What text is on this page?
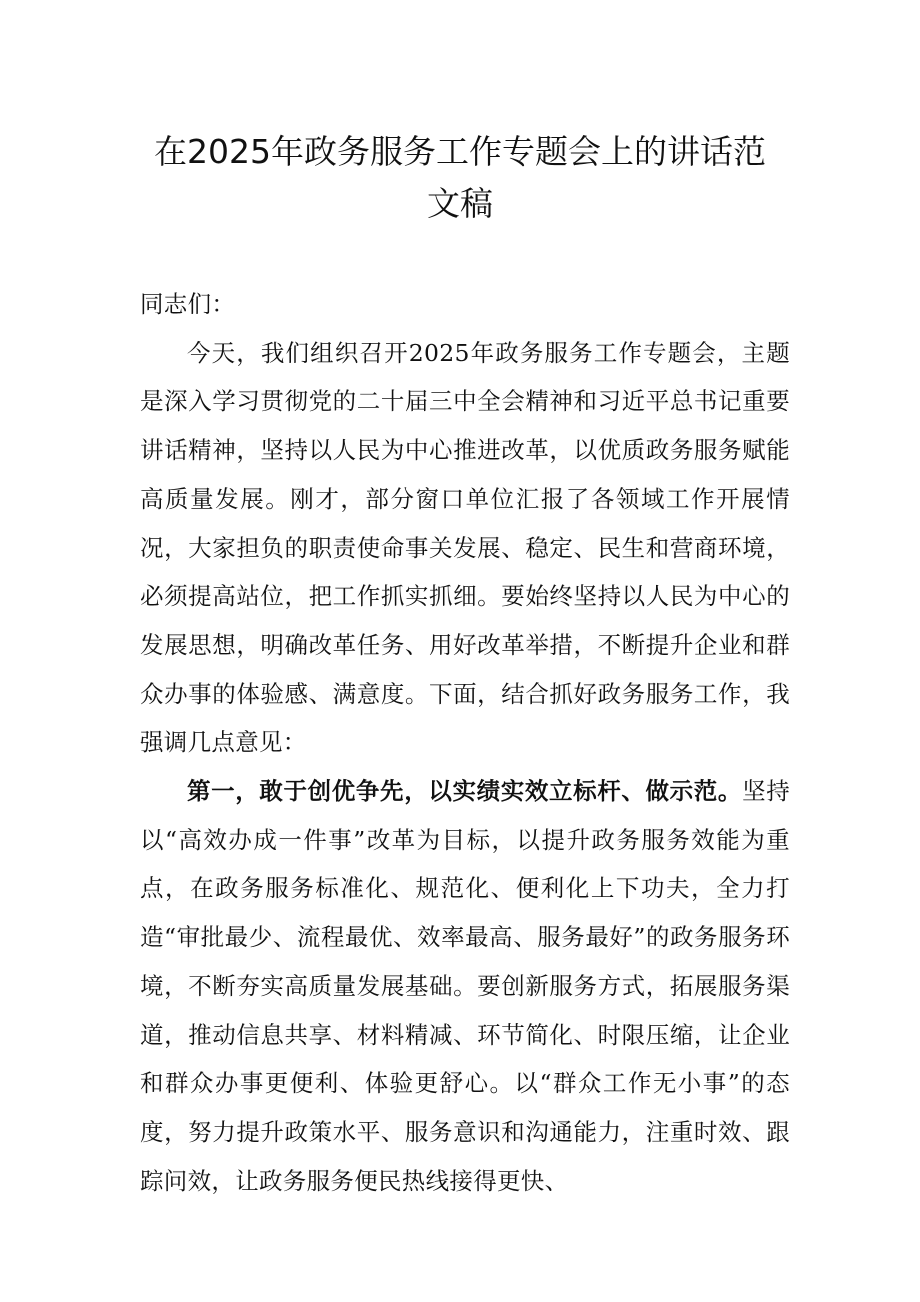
在2025年政务服务工作专题会上的讲话范
文稿

同志们：

今天，我们组织召开2025年政务服务工作专题会，主题是深入学习贯彻党的二十届三中全会精神和习近平总书记重要讲话精神，坚持以人民为中心推进改革，以优质政务服务赋能高质量发展。刚才，部分窗口单位汇报了各领域工作开展情况，大家担负的职责使命事关发展、稳定、民生和营商环境，必须提高站位，把工作抓实抓细。要始终坚持以人民为中心的发展思想，明确改革任务、用好改革举措，不断提升企业和群众办事的体验感、满意度。下面，结合抓好政务服务工作，我强调几点意见：

第一，敢于创优争先，以实绩实效立标杆、做示范。坚持以“高效办成一件事”改革为目标，以提升政务服务效能为重点，在政务服务标准化、规范化、便利化上下功夫，全力打造“审批最少、流程最优、效率最高、服务最好”的政务服务环境，不断夯实高质量发展基础。要创新服务方式，拓展服务渠道，推动信息共享、材料精减、环节简化、时限压缩，让企业和群众办事更便利、体验更舒心。以“群众工作无小事”的态度，努力提升政策水平、服务意识和沟通能力，注重时效、跟踪问效，让政务服务便民热线接得更快、
